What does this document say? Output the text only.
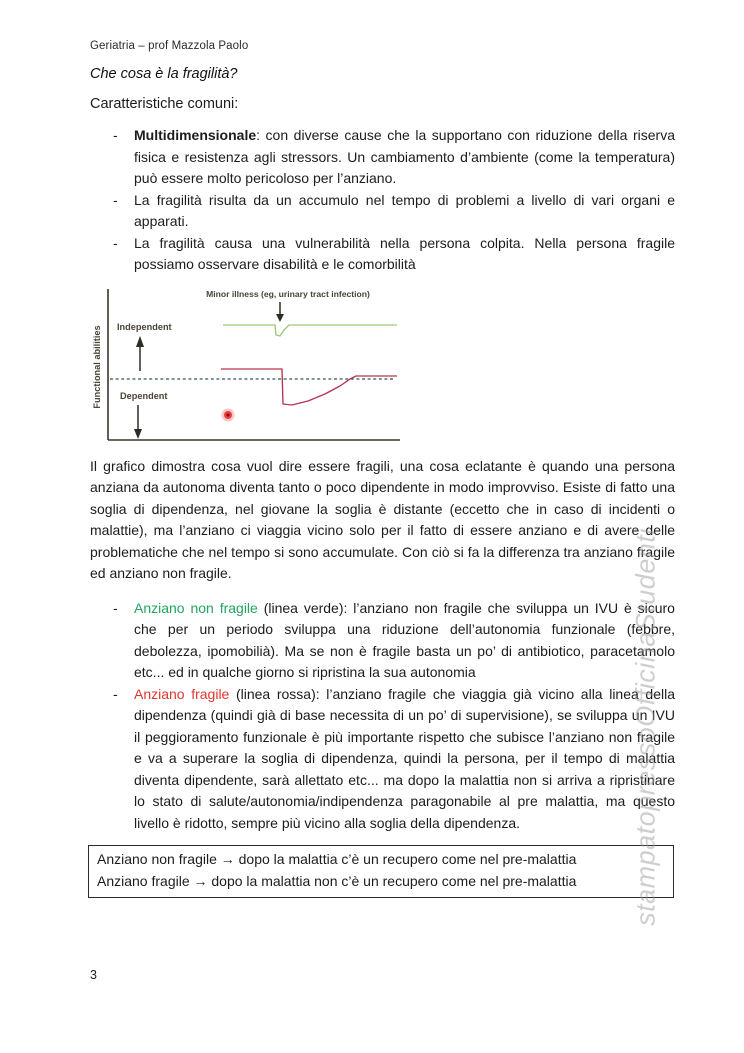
Geriatria – prof Mazzola Paolo
Che cosa è la fragilità?
Caratteristiche comuni:
- Multidimensionale: con diverse cause che la supportano con riduzione della riserva fisica e resistenza agli stressors. Un cambiamento d’ambiente (come la temperatura) può essere molto pericoloso per l’anziano.
- La fragilità risulta da un accumulo nel tempo di problemi a livello di vari organi e apparati.
- La fragilità causa una vulnerabilità nella persona colpita. Nella persona fragile possiamo osservare disabilità e le comorbilità
Minor illness (eg, urinary tract infection)
Functional abilities Independent
Dependent

Il grafico dimostra cosa vuol dire essere fragili, una cosa eclatante è quando una persona anziana da autonoma diventa tanto o poco dipendente in modo improvviso. Esiste di fatto una soglia di dipendenza, nel giovane la soglia è distante (eccetto che in caso di incidenti o malattie), ma l’anziano ci viaggia vicino solo per il fatto di essere anziano e di avere delle problematiche che nel tempo si sono accumulate. Con ciò si fa la differenza tra anziano fragile ed anziano non fragile.

- Anziano non fragile (linea verde): l’anziano non fragile che sviluppa un IVU è sicuro che per un periodo sviluppa una riduzione dell’autonomia funzionale (febbre, debolezza, ipomobilià). Ma se non è fragile basta un po’ di antibiotico, paracetamolo etc... ed in qualche giorno si ripristina la sua autonomia
- Anziano fragile (linea rossa): l’anziano fragile che viaggia già vicino alla linea della dipendenza (quindi già di base necessita di un po’ di supervisione), se sviluppa un IVU il peggioramento funzionale è più importante rispetto che subisce l’anziano non fragile e va a superare la soglia di dipendenza, quindi la persona, per il tempo di malattia diventa dipendente, sarà allettato etc... ma dopo la malattia non si arriva a ripristinare lo stato di salute/autonomia/indipendenza paragonabile al pre malattia, ma questo livello è ridotto, sempre più vicino alla soglia della dipendenza.
Anziano non fragile → dopo la malattia c’è un recupero come nel pre-malattia
Anziano fragile → dopo la malattia non c’è un recupero come nel pre-malattia
3
stampatopressoOfficinaStudenti
